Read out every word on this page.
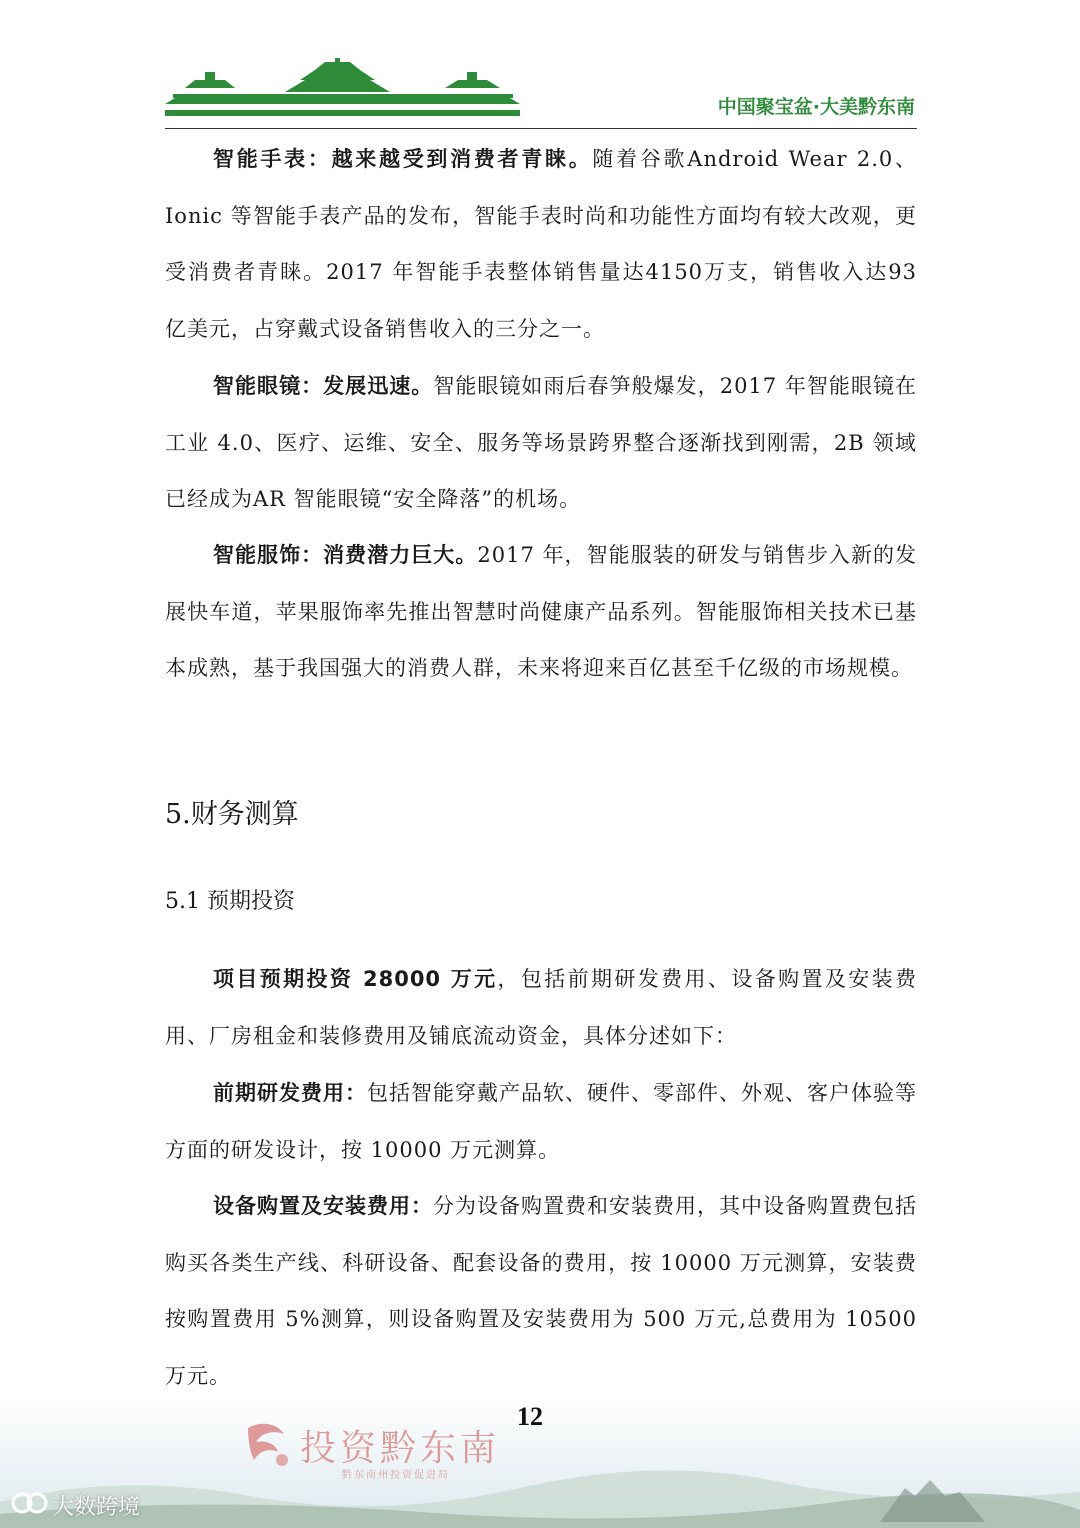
中国聚宝盆·大美黔东南

智能手表：越来越受到消费者青睐。随着谷歌Android Wear 2.0、Ionic 等智能手表产品的发布，智能手表时尚和功能性方面均有较大改观，更受消费者青睐。2017 年智能手表整体销售量达4150万支，销售收入达93 亿美元，占穿戴式设备销售收入的三分之一。

智能眼镜：发展迅速。智能眼镜如雨后春笋般爆发，2017 年智能眼镜在工业 4.0、医疗、运维、安全、服务等场景跨界整合逐渐找到刚需，2B 领域已经成为AR 智能眼镜“安全降落”的机场。

智能服饰：消费潜力巨大。2017 年，智能服装的研发与销售步入新的发展快车道，苹果服饰率先推出智慧时尚健康产品系列。智能服饰相关技术已基本成熟，基于我国强大的消费人群，未来将迎来百亿甚至千亿级的市场规模。

5.财务测算
5.1 预期投资

项目预期投资 28000 万元，包括前期研发费用、设备购置及安装费用、厂房租金和装修费用及铺底流动资金，具体分述如下：

前期研发费用：包括智能穿戴产品软、硬件、零部件、外观、客户体验等方面的研发设计，按 10000 万元测算。

设备购置及安装费用：分为设备购置费和安装费用，其中设备购置费包括购买各类生产线、科研设备、配套设备的费用，按 10000 万元测算，安装费按购置费用 5%测算，则设备购置及安装费用为 500 万元,总费用为 10500 万元。

投资黔东南
黔东南州投资促进局
12
大数跨境
